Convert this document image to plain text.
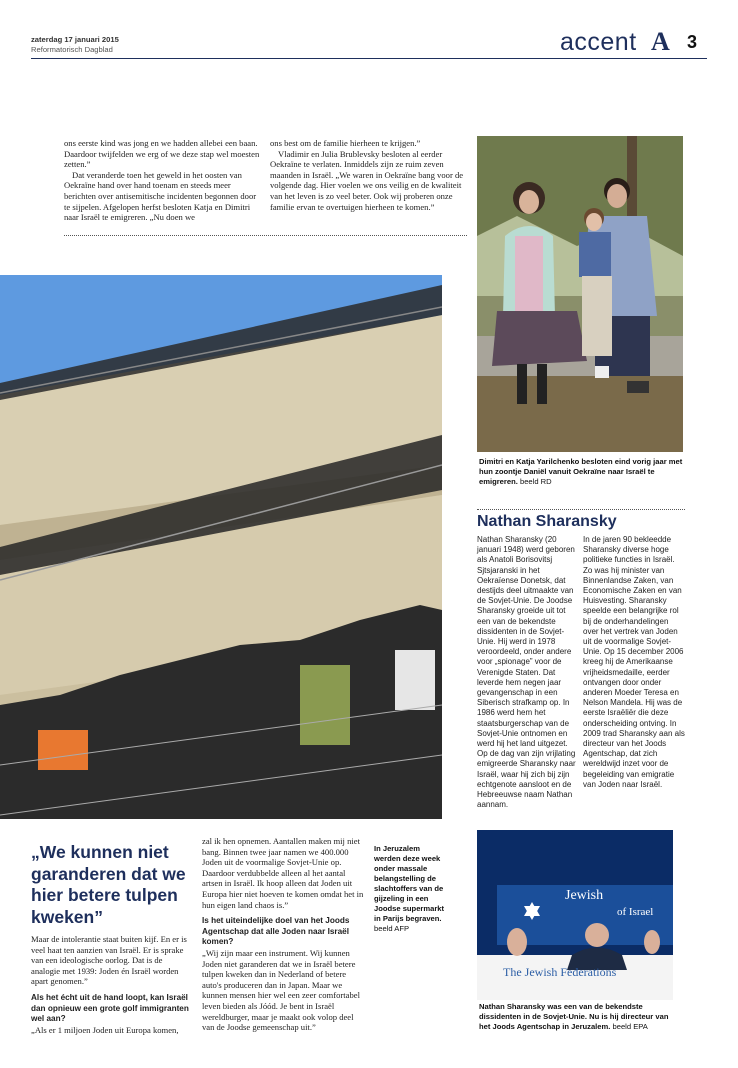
zaterdag 17 januari 2015
Reformatorisch Dagblad	accent A 3

ons eerste kind was jong en we hadden allebei een baan. Daardoor twijfelden we erg of we deze stap wel moesten zetten.”

Dat veranderde toen het geweld in het oosten van Oekraïne hand over hand toenam en steeds meer berichten over antisemitische incidenten begonnen door te sijpelen. Afgelopen herfst besloten Katja en Dimitri naar Israël te emigreren. „Nu doen we

ons best om de familie hierheen te krijgen.”

Vladimir en Julia Brublevsky besloten al eerder Oekraïne te verlaten. Inmiddels zijn ze ruim zeven maanden in Israël. „We waren in Oekraïne bang voor de volgende dag. Hier voelen we ons veilig en de kwaliteit van het leven is zo veel beter. Ook wij proberen onze familie ervan te overtuigen hierheen te komen.”

Dimitri en Katja Yarilchenko besloten eind vorig jaar met hun zoontje Daniël vanuit Oekraïne naar Israël te emigreren. beeld RD
Nathan Sharansky

Nathan Sharansky (20 januari 1948) werd geboren als Anatoli Borisovitsj Sjtsjaranski in het Oekraïense Donetsk, dat destijds deel uitmaakte van de Sovjet-Unie. De Joodse Sharansky groeide uit tot een van de bekendste dissidenten in de Sovjet-Unie. Hij werd in 1978 veroordeeld, onder andere voor „spionage” voor de Verenigde Staten. Dat leverde hem negen jaar gevangenschap in een Siberisch strafkamp op. In 1986 werd hem het staatsburgerschap van de Sovjet-Unie ontnomen en werd hij het land uitgezet. Op de dag van zijn vrijlating emigreerde Sharansky naar Israël, waar hij zich bij zijn echtgenote aansloot en de Hebreeuwse naam Nathan aannam.

In de jaren 90 bekleedde Sharansky diverse hoge politieke functies in Israël. Zo was hij minister van Binnenlandse Zaken, van Economische Zaken en van Huisvesting. Sharansky speelde een belangrijke rol bij de onderhandelingen over het vertrek van Joden uit de voormalige Sovjet-Unie. Op 15 december 2006 kreeg hij de Amerikaanse vrijheidsmedaille, eerder ontvangen door onder anderen Moeder Teresa en Nelson Mandela. Hij was de eerste Israëliër die deze onderscheiding ontving. In 2009 trad Sharansky aan als directeur van het Joods Agentschap, dat zich wereldwijd inzet voor de begeleiding van emigratie van Joden naar Israël.

„We kunnen niet garanderen dat we hier betere tulpen kweken”

Maar de intolerantie staat buiten kijf. En er is veel haat ten aanzien van Israël. Er is sprake van een ideologische oorlog. Dat is de analogie met 1939: Joden én Israël worden apart genomen.”

Als het écht uit de hand loopt, kan Israël dan opnieuw een grote golf immigranten wel aan?

„Als er 1 miljoen Joden uit Europa komen,

zal ik hen opnemen. Aantallen maken mij niet bang. Binnen twee jaar namen we 400.000 Joden uit de voormalige Sovjet-Unie op. Daardoor verdubbelde alleen al het aantal artsen in Israël. Ik hoop alleen dat Joden uit Europa hier niet hoeven te komen omdat het in hun eigen land chaos is.”

Is het uiteindelijke doel van het Joods Agentschap dat alle Joden naar Israël komen?

„Wij zijn maar een instrument. Wij kunnen Joden niet garanderen dat we in Israël betere tulpen kweken dan in Nederland of betere auto's produceren dan in Japan. Maar we kunnen mensen hier wel een zeer comfortabel leven bieden als Jóód. Je bent in Israël wereldburger, maar je maakt ook volop deel van de Joodse gemeenschap uit.”

In Jeruzalem werden deze week onder massale belangstelling de slachtoffers van de gijzeling in een Joodse supermarkt in Parijs begraven. beeld AFP
Jewish
of Israel
The Jewish Federations
Nathan Sharansky was een van de bekendste dissidenten in de Sovjet-Unie. Nu is hij directeur van het Joods Agentschap in Jeruzalem. beeld EPA
